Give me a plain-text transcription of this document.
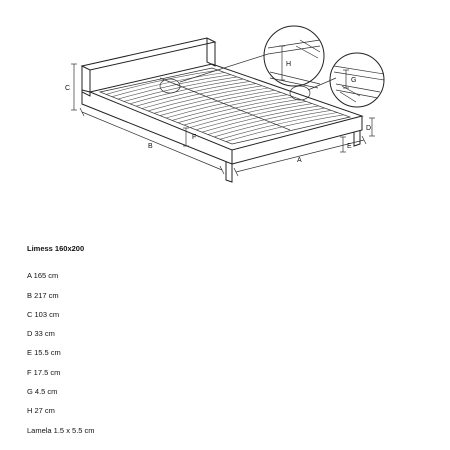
F
E
C
B
A
D
H
G
Limess 160x200
A 165 cm
B 217 cm
C 103 cm
D 33 cm
E 15.5 cm
F 17.5 cm
G 4.5 cm
H 27 cm
Lamela 1.5 x 5.5 cm
